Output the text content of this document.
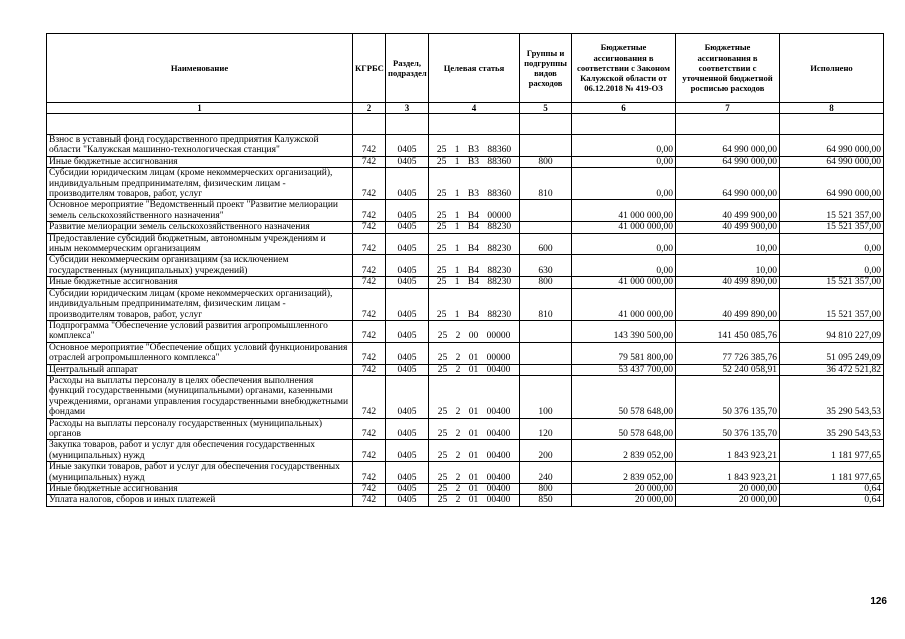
Наименование	КГРБС	Раздел, подраздел	Целевая статья	Группы и подгруппы видов расходов	Бюджетные ассигнования в соответствии с Законом Калужской области от 06.12.2018 № 419-ОЗ	Бюджетные ассигнования в соответствии с уточненной бюджетной росписью расходов	Исполнено
1	2	3	4	5	6	7	8

Взнос в уставный фонд государственного предприятия Калужской области "Калужская машинно-технологическая станция"	742	0405	25 1 В3 88360		0,00	64 990 000,00	64 990 000,00
Иные бюджетные ассигнования	742	0405	25 1 В3 88360	800	0,00	64 990 000,00	64 990 000,00
Субсидии юридическим лицам (кроме некоммерческих организаций), индивидуальным предпринимателям, физическим лицам - производителям товаров, работ, услуг	742	0405	25 1 В3 88360	810	0,00	64 990 000,00	64 990 000,00
Основное мероприятие "Ведомственный проект "Развитие мелиорации земель сельскохозяйственного назначения"	742	0405	25 1 В4 00000		41 000 000,00	40 499 900,00	15 521 357,00
Развитие мелиорации земель сельскохозяйственного назначения	742	0405	25 1 В4 88230		41 000 000,00	40 499 900,00	15 521 357,00
Предоставление субсидий бюджетным, автономным учреждениям и иным некоммерческим организациям	742	0405	25 1 В4 88230	600	0,00	10,00	0,00
Субсидии некоммерческим организациям (за исключением государственных (муниципальных) учреждений)	742	0405	25 1 В4 88230	630	0,00	10,00	0,00
Иные бюджетные ассигнования	742	0405	25 1 В4 88230	800	41 000 000,00	40 499 890,00	15 521 357,00
Субсидии юридическим лицам (кроме некоммерческих организаций), индивидуальным предпринимателям, физическим лицам - производителям товаров, работ, услуг	742	0405	25 1 В4 88230	810	41 000 000,00	40 499 890,00	15 521 357,00
Подпрограмма "Обеспечение условий развития агропромышленного комплекса"	742	0405	25 2 00 00000		143 390 500,00	141 450 085,76	94 810 227,09
Основное мероприятие "Обеспечение общих условий функционирования отраслей агропромышленного комплекса"	742	0405	25 2 01 00000		79 581 800,00	77 726 385,76	51 095 249,09
Центральный аппарат	742	0405	25 2 01 00400		53 437 700,00	52 240 058,91	36 472 521,82
Расходы на выплаты персоналу в целях обеспечения выполнения функций государственными (муниципальными) органами, казенными учреждениями, органами управления государственными внебюджетными фондами	742	0405	25 2 01 00400	100	50 578 648,00	50 376 135,70	35 290 543,53
Расходы на выплаты персоналу государственных (муниципальных) органов	742	0405	25 2 01 00400	120	50 578 648,00	50 376 135,70	35 290 543,53
Закупка товаров, работ и услуг для обеспечения государственных (муниципальных) нужд	742	0405	25 2 01 00400	200	2 839 052,00	1 843 923,21	1 181 977,65
Иные закупки товаров, работ и услуг для обеспечения государственных (муниципальных) нужд	742	0405	25 2 01 00400	240	2 839 052,00	1 843 923,21	1 181 977,65
Иные бюджетные ассигнования	742	0405	25 2 01 00400	800	20 000,00	20 000,00	0,64
Уплата налогов, сборов и иных платежей	742	0405	25 2 01 00400	850	20 000,00	20 000,00	0,64
126
